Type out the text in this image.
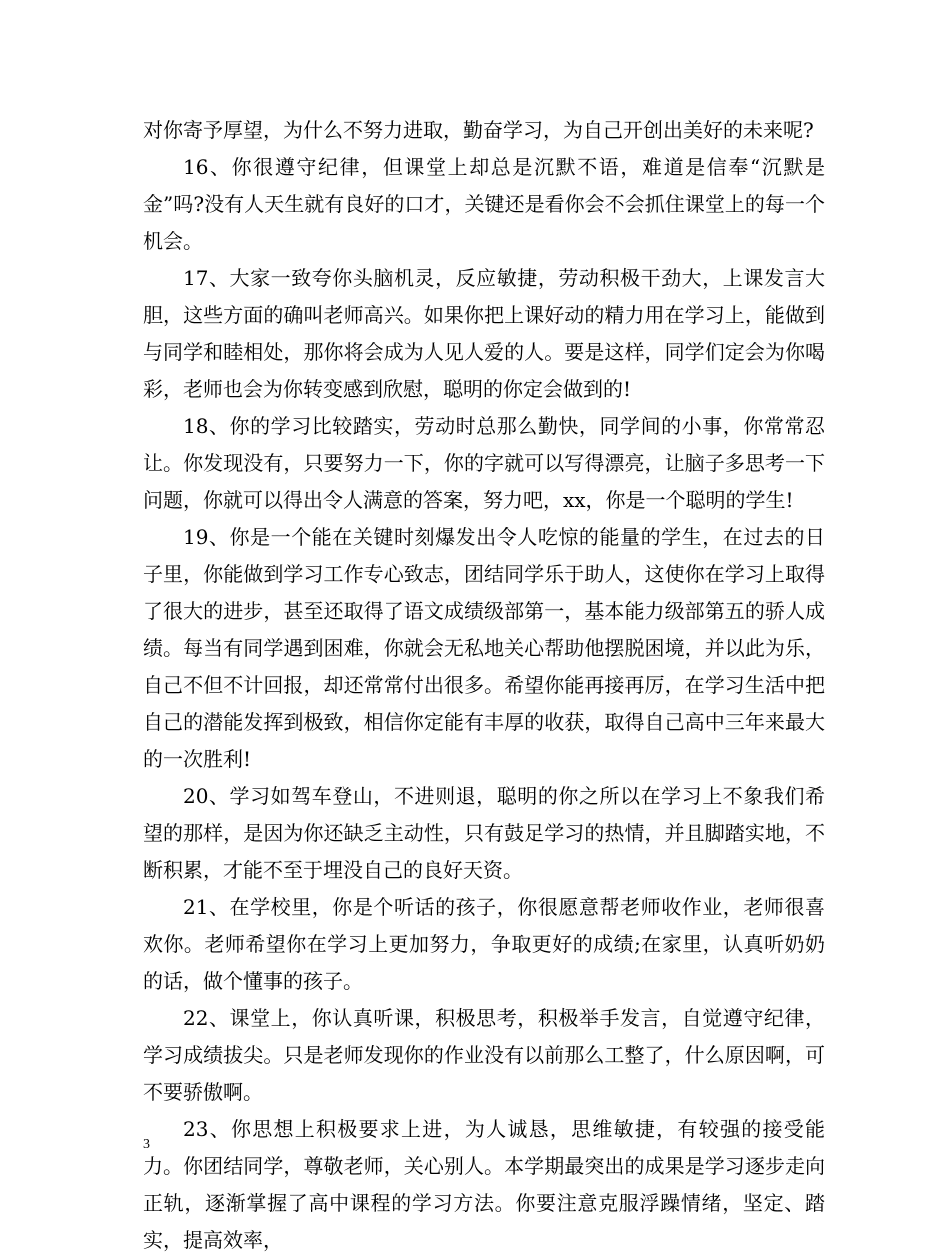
对你寄予厚望，为什么不努力进取，勤奋学习，为自己开创出美好的未来呢?

16、你很遵守纪律，但课堂上却总是沉默不语，难道是信奉“沉默是金”吗?没有人天生就有良好的口才，关键还是看你会不会抓住课堂上的每一个机会。

17、大家一致夸你头脑机灵，反应敏捷，劳动积极干劲大，上课发言大胆，这些方面的确叫老师高兴。如果你把上课好动的精力用在学习上，能做到与同学和睦相处，那你将会成为人见人爱的人。要是这样，同学们定会为你喝彩，老师也会为你转变感到欣慰，聪明的你定会做到的!

18、你的学习比较踏实，劳动时总那么勤快，同学间的小事，你常常忍让。你发现没有，只要努力一下，你的字就可以写得漂亮，让脑子多思考一下问题，你就可以得出令人满意的答案，努力吧，xx，你是一个聪明的学生!

19、你是一个能在关键时刻爆发出令人吃惊的能量的学生，在过去的日子里，你能做到学习工作专心致志，团结同学乐于助人，这使你在学习上取得了很大的进步，甚至还取得了语文成绩级部第一，基本能力级部第五的骄人成绩。每当有同学遇到困难，你就会无私地关心帮助他摆脱困境，并以此为乐，自己不但不计回报，却还常常付出很多。希望你能再接再厉，在学习生活中把自己的潜能发挥到极致，相信你定能有丰厚的收获，取得自己高中三年来最大的一次胜利!

20、学习如驾车登山，不进则退，聪明的你之所以在学习上不象我们希望的那样，是因为你还缺乏主动性，只有鼓足学习的热情，并且脚踏实地，不断积累，才能不至于埋没自己的良好天资。

21、在学校里，你是个听话的孩子，你很愿意帮老师收作业，老师很喜欢你。老师希望你在学习上更加努力，争取更好的成绩;在家里，认真听奶奶的话，做个懂事的孩子。

22、课堂上，你认真听课，积极思考，积极举手发言，自觉遵守纪律，学习成绩拔尖。只是老师发现你的作业没有以前那么工整了，什么原因啊，可不要骄傲啊。

23、你思想上积极要求上进，为人诚恳，思维敏捷，有较强的接受能力。你团结同学，尊敬老师，关心别人。本学期最突出的成果是学习逐步走向正轨，逐渐掌握了高中课程的学习方法。你要注意克服浮躁情绪，坚定、踏实，提高效率，

3
